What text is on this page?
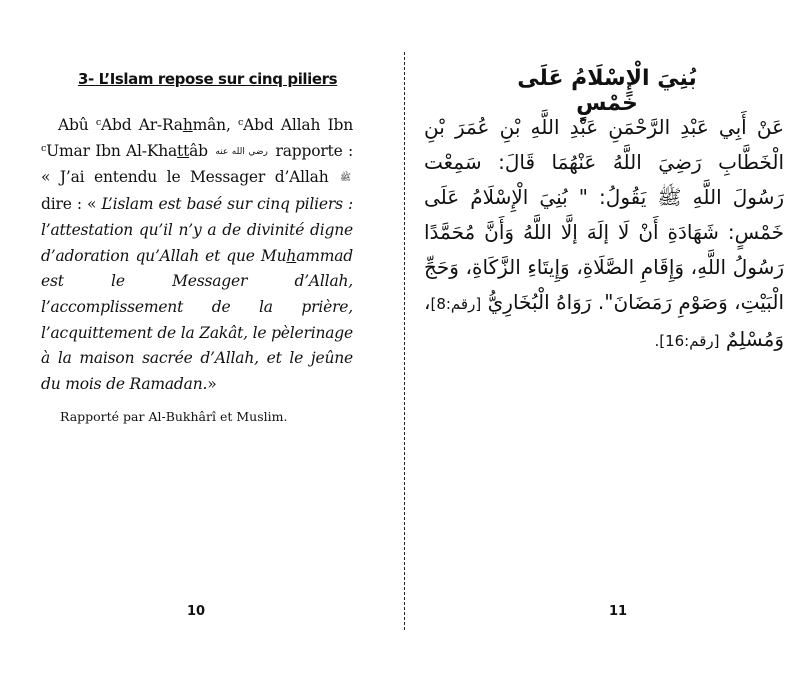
3- L’Islam repose sur cinq piliers
Abû ᶜAbd Ar-Rahmân, ᶜAbd Allah Ibn ᶜUmar Ibn Al-Khattâb رضي الله عنه rapporte : « J’ai entendu le Messager d’Allah ﷺ dire : « L’islam est basé sur cinq piliers : l’attestation qu’il n’y a de divinité digne d’adoration qu’Allah et que Muhammad est le Messager d’Allah, l’accomplissement de la prière, l’acquittement de la Zakât, le pèlerinage à la maison sacrée d’Allah, et le jeûne du mois de Ramadan.»
Rapporté par Al-Bukhârî et Muslim.
10
بُنِيَ الْإِسْلَامُ عَلَى خَمْسٍ
عَنْ أَبِي عَبْدِ الرَّحْمَنِ عَبْدِ اللَّهِ بْنِ عُمَرَ بْنِ الْخَطَّابِ رَضِيَ اللَّهُ عَنْهُمَا قَالَ: سَمِعْت رَسُولَ اللَّهِ ﷺ يَقُولُ: " بُنِيَ الْإِسْلَامُ عَلَى خَمْسٍ: شَهَادَةِ أَنْ لَا إلَهَ إلَّا اللَّهُ وَأَنَّ مُحَمَّدًا رَسُولُ اللَّهِ، وَإِقَامِ الصَّلَاةِ، وَإِيتَاءِ الزَّكَاةِ، وَحَجِّ الْبَيْتِ، وَصَوْمِ رَمَضَانَ". رَوَاهُ الْبُخَارِيُّ [رقم:8]، وَمُسْلِمٌ [رقم:16].
11
